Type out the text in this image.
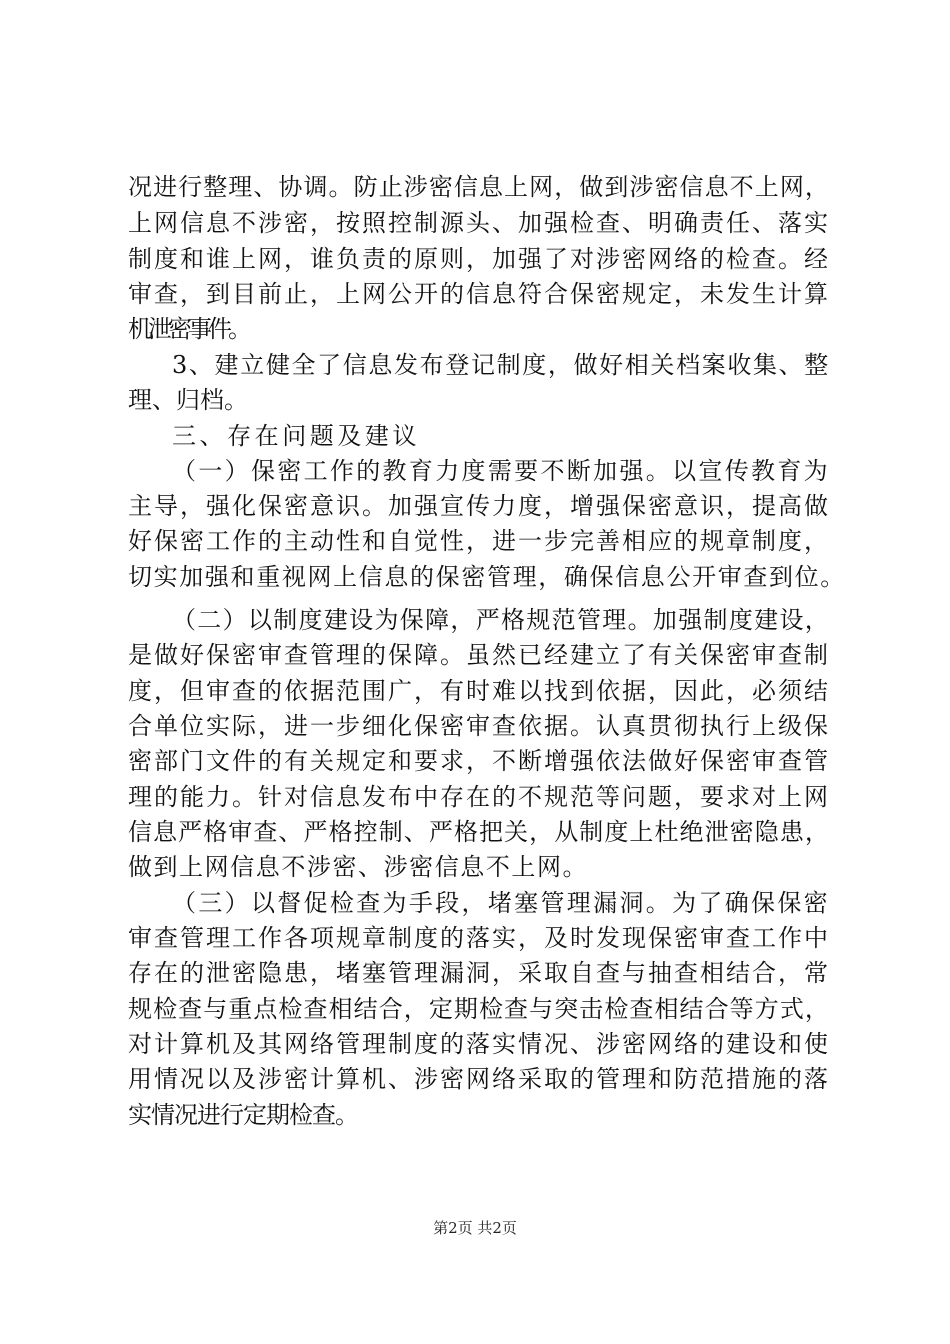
况进行整理、协调。防止涉密信息上网，做到涉密信息不上网，
上网信息不涉密，按照控制源头、加强检查、明确责任、落实
制度和谁上网，谁负责的原则，加强了对涉密网络的检查。经
审查，到目前止，上网公开的信息符合保密规定，未发生计算
机泄密事件。
3、建立健全了信息发布登记制度，做好相关档案收集、整
理、归档。
三、存在问题及建议
（一）保密工作的教育力度需要不断加强。以宣传教育为
主导，强化保密意识。加强宣传力度，增强保密意识，提高做
好保密工作的主动性和自觉性，进一步完善相应的规章制度，
切实加强和重视网上信息的保密管理，确保信息公开审查到位。
（二）以制度建设为保障，严格规范管理。加强制度建设，
是做好保密审查管理的保障。虽然已经建立了有关保密审查制
度，但审查的依据范围广，有时难以找到依据，因此，必须结
合单位实际，进一步细化保密审查依据。认真贯彻执行上级保
密部门文件的有关规定和要求，不断增强依法做好保密审查管
理的能力。针对信息发布中存在的不规范等问题，要求对上网
信息严格审查、严格控制、严格把关，从制度上杜绝泄密隐患，
做到上网信息不涉密、涉密信息不上网。
（三）以督促检查为手段，堵塞管理漏洞。为了确保保密
审查管理工作各项规章制度的落实，及时发现保密审查工作中
存在的泄密隐患，堵塞管理漏洞，采取自查与抽查相结合，常
规检查与重点检查相结合，定期检查与突击检查相结合等方式，
对计算机及其网络管理制度的落实情况、涉密网络的建设和使
用情况以及涉密计算机、涉密网络采取的管理和防范措施的落
实情况进行定期检查。
第2页 共2页
